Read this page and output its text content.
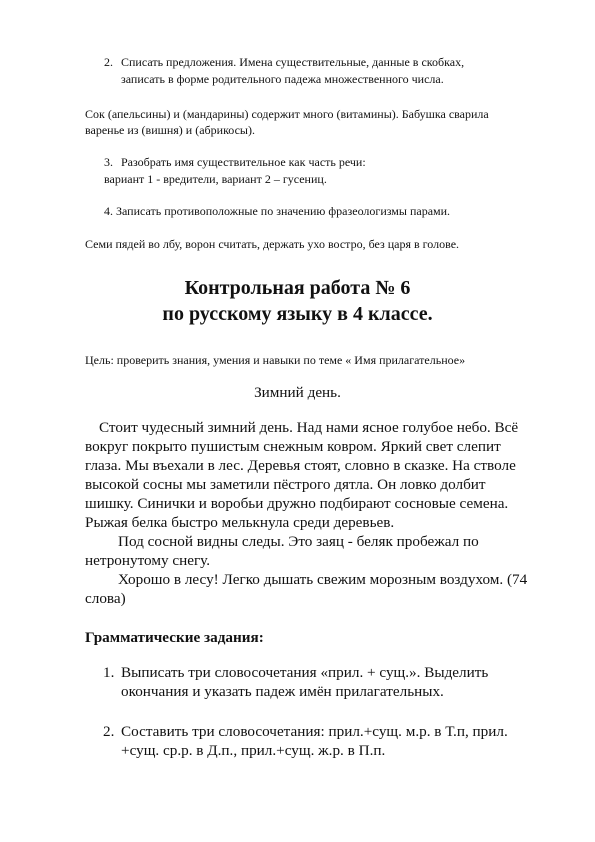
2. Списать предложения. Имена существительные, данные в скобках,
записать в форме родительного падежа множественного числа.
Сок (апельсины) и (мандарины) содержит много (витамины). Бабушка сварила
варенье из (вишня) и (абрикосы).
3. Разобрать имя существительное как часть речи:
вариант 1 - вредители, вариант 2 – гусениц.
4. Записать противоположные по значению фразеологизмы парами.
Семи пядей во лбу, ворон считать, держать ухо востро, без царя в голове.
Контрольная работа № 6
по русскому языку в 4 классе.
Цель: проверить знания, умения и навыки по теме « Имя прилагательное»
Зимний день.
Стоит чудесный зимний день. Над нами ясное голубое небо. Всё
вокруг покрыто пушистым снежным ковром. Яркий свет слепит
глаза. Мы въехали в лес. Деревья стоят, словно в сказке. На стволе
высокой сосны мы заметили пёстрого дятла. Он ловко долбит
шишку. Синички и воробьи дружно подбирают сосновые семена.
Рыжая белка быстро мелькнула среди деревьев.
Под сосной видны следы. Это заяц - беляк пробежал по
нетронутому снегу.
Хорошо в лесу! Легко дышать свежим морозным воздухом. (74
слова)
Грамматические задания:
1. Выписать три словосочетания «прил. + сущ.». Выделить
окончания и указать падеж имён прилагательных.
2. Составить три словосочетания: прил.+сущ. м.р. в Т.п, прил.
+сущ. ср.р. в Д.п., прил.+сущ. ж.р. в П.п.
